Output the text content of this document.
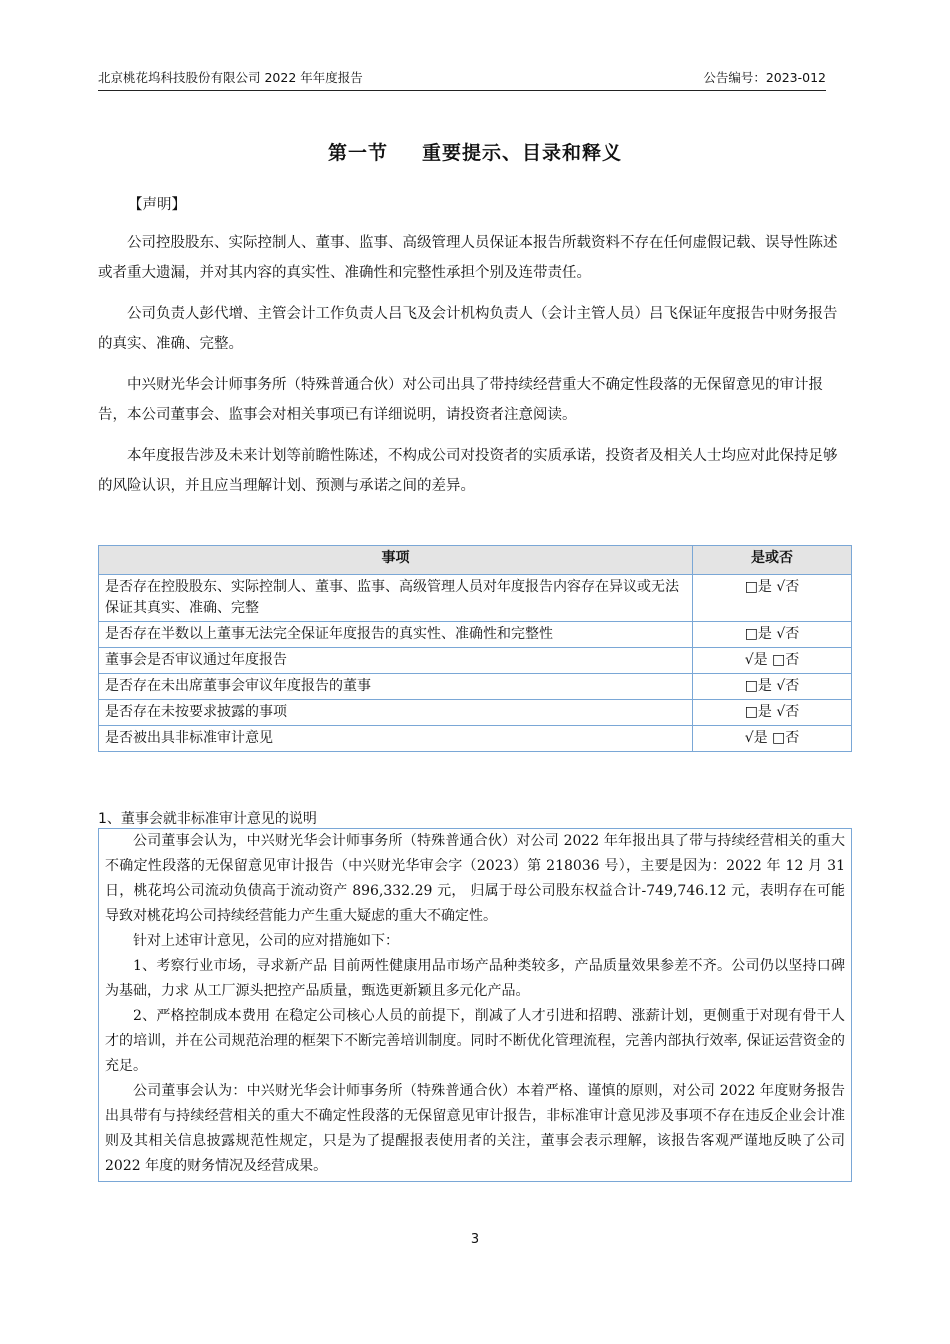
北京桃花坞科技股份有限公司 2022 年年度报告	公告编号：2023-012
第一节 重要提示、目录和释义
【声明】

公司控股股东、实际控制人、董事、监事、高级管理人员保证本报告所载资料不存在任何虚假记载、误导性陈述或者重大遗漏，并对其内容的真实性、准确性和完整性承担个别及连带责任。

公司负责人彭代增、主管会计工作负责人吕飞及会计机构负责人（会计主管人员）吕飞保证年度报告中财务报告的真实、准确、完整。

中兴财光华会计师事务所（特殊普通合伙）对公司出具了带持续经营重大不确定性段落的无保留意见的审计报告，本公司董事会、监事会对相关事项已有详细说明，请投资者注意阅读。

本年度报告涉及未来计划等前瞻性陈述，不构成公司对投资者的实质承诺，投资者及相关人士均应对此保持足够的风险认识，并且应当理解计划、预测与承诺之间的差异。

事项	是或否
是否存在控股股东、实际控制人、董事、监事、高级管理人员对年度报告内容存在异议或无法保证其真实、准确、完整	□是 √否
是否存在半数以上董事无法完全保证年度报告的真实性、准确性和完整性	□是 √否
董事会是否审议通过年度报告	√是 □否
是否存在未出席董事会审议年度报告的董事	□是 √否
是否存在未按要求披露的事项	□是 √否
是否被出具非标准审计意见	√是 □否
1、董事会就非标准审计意见的说明

公司董事会认为，中兴财光华会计师事务所（特殊普通合伙）对公司 2022 年年报出具了带与持续经营相关的重大不确定性段落的无保留意见审计报告（中兴财光华审会字（2023）第 218036 号），主要是因为：2022 年 12 月 31 日，桃花坞公司流动负债高于流动资产 896,332.29 元， 归属于母公司股东权益合计-749,746.12 元，表明存在可能导致对桃花坞公司持续经营能力产生重大疑虑的重大不确定性。

针对上述审计意见，公司的应对措施如下：

1、考察行业市场，寻求新产品 目前两性健康用品市场产品种类较多，产品质量效果参差不齐。公司仍以坚持口碑为基础，力求 从工厂源头把控产品质量，甄选更新颖且多元化产品。

2、严格控制成本费用 在稳定公司核心人员的前提下，削减了人才引进和招聘、涨薪计划，更侧重于对现有骨干人才的培训，并在公司规范治理的框架下不断完善培训制度。同时不断优化管理流程，完善内部执行效率, 保证运营资金的充足。

公司董事会认为：中兴财光华会计师事务所（特殊普通合伙）本着严格、谨慎的原则，对公司 2022 年度财务报告出具带有与持续经营相关的重大不确定性段落的无保留意见审计报告，非标准审计意见涉及事项不存在违反企业会计准则及其相关信息披露规范性规定，只是为了提醒报表使用者的关注，董事会表示理解，该报告客观严谨地反映了公司 2022 年度的财务情况及经营成果。

3
